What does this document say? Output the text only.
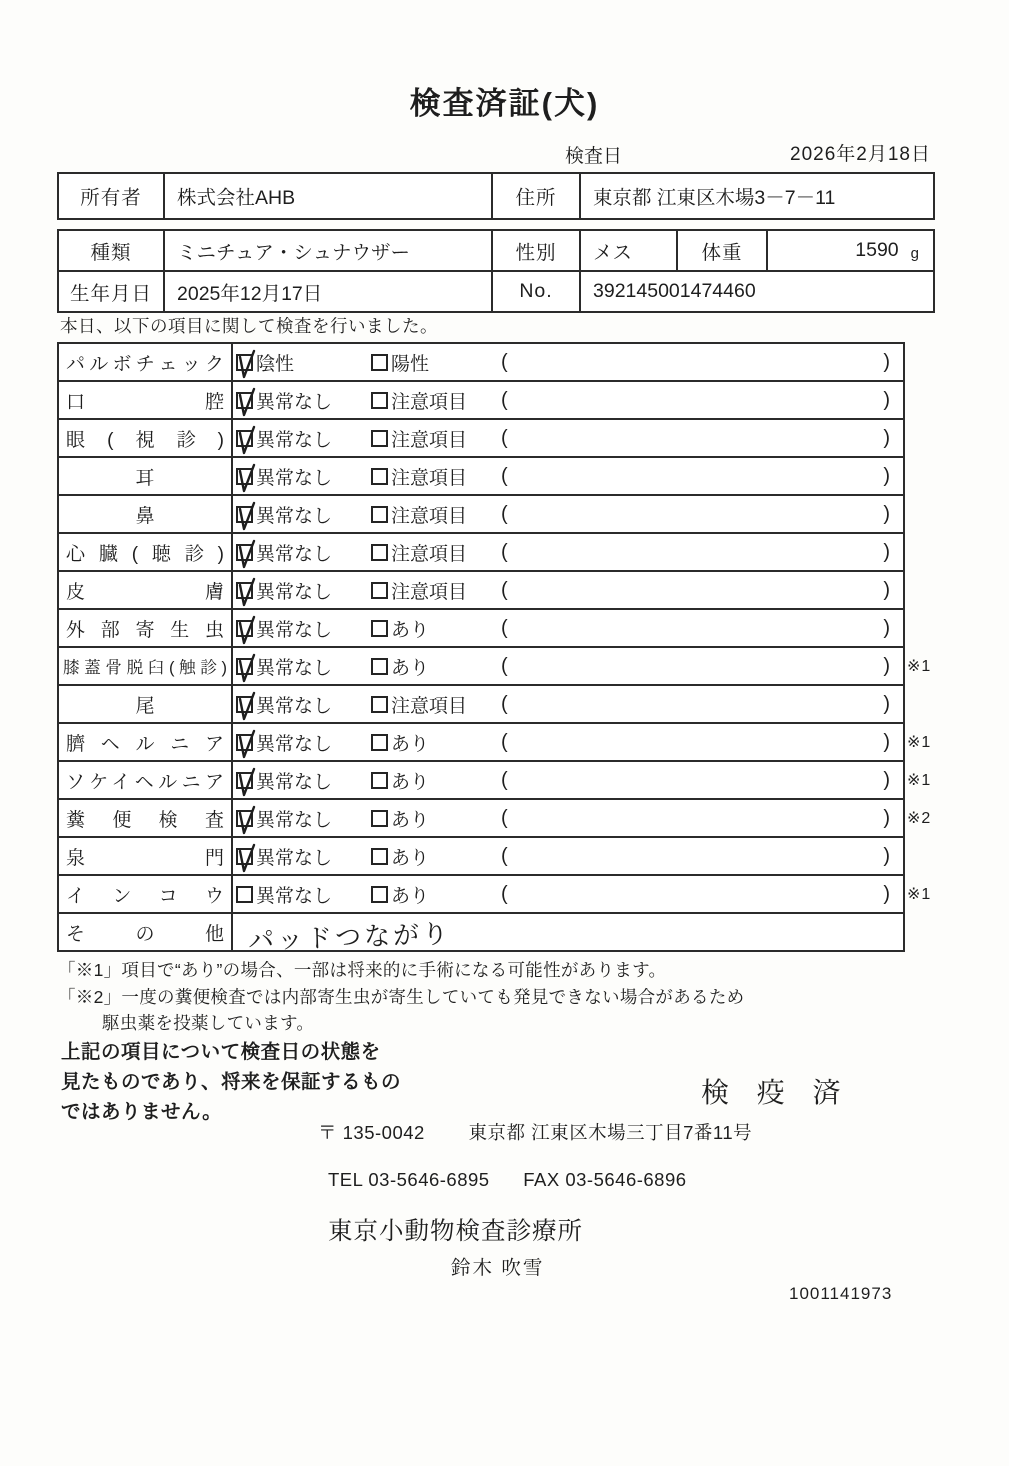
検査済証(犬)
検査日	2026年2月18日
所有者	株式会社AHB	住所	東京都 江東区木場3－7－11
種類	ミニチュア・シュナウザー	性別	メス	体重	1590 g
生年月日	2025年12月17日	No.	392145001474460
本日、以下の項目に関して検査を行いました。
パルボチェック 陰性	陽性	(	)
口腔 異常なし	注意項目 (	)
眼(視診) 異常なし	注意項目 (	)
耳	異常なし	注意項目 (	)
鼻	異常なし	注意項目 (	)
心臓(聴診) 異常なし	注意項目 (	)
皮膚 異常なし	注意項目 (	)
外部寄生虫 異常なし	あり	(	)
膝蓋骨脱臼(触診) 異常なし	あり	(	)	※1
尾	異常なし	注意項目 (	)
臍ヘルニア 異常なし	あり	(	)	※1
ソケイヘルニア 異常なし	あり	(	)	※1
糞便検査 異常なし	あり	(	)	※2
泉門 異常なし	あり	(	)
インコウ 異常なし	あり	(	)	※1
その他 パッドつながり
「※1」項目で“あり”の場合、一部は将来的に手術になる可能性があります。
「※2」一度の糞便検査では内部寄生虫が寄生していても発見できない場合があるため
駆虫薬を投薬しています。
上記の項目について検査日の状態を
見たものであり、将来を保証するもの
ではありません。
検 疫 済
〒 135-0042 東京都 江東区木場三丁目7番11号
TEL 03-5646-6895 FAX 03-5646-6896
東京小動物検査診療所
鈴木 吹雪
1001141973
